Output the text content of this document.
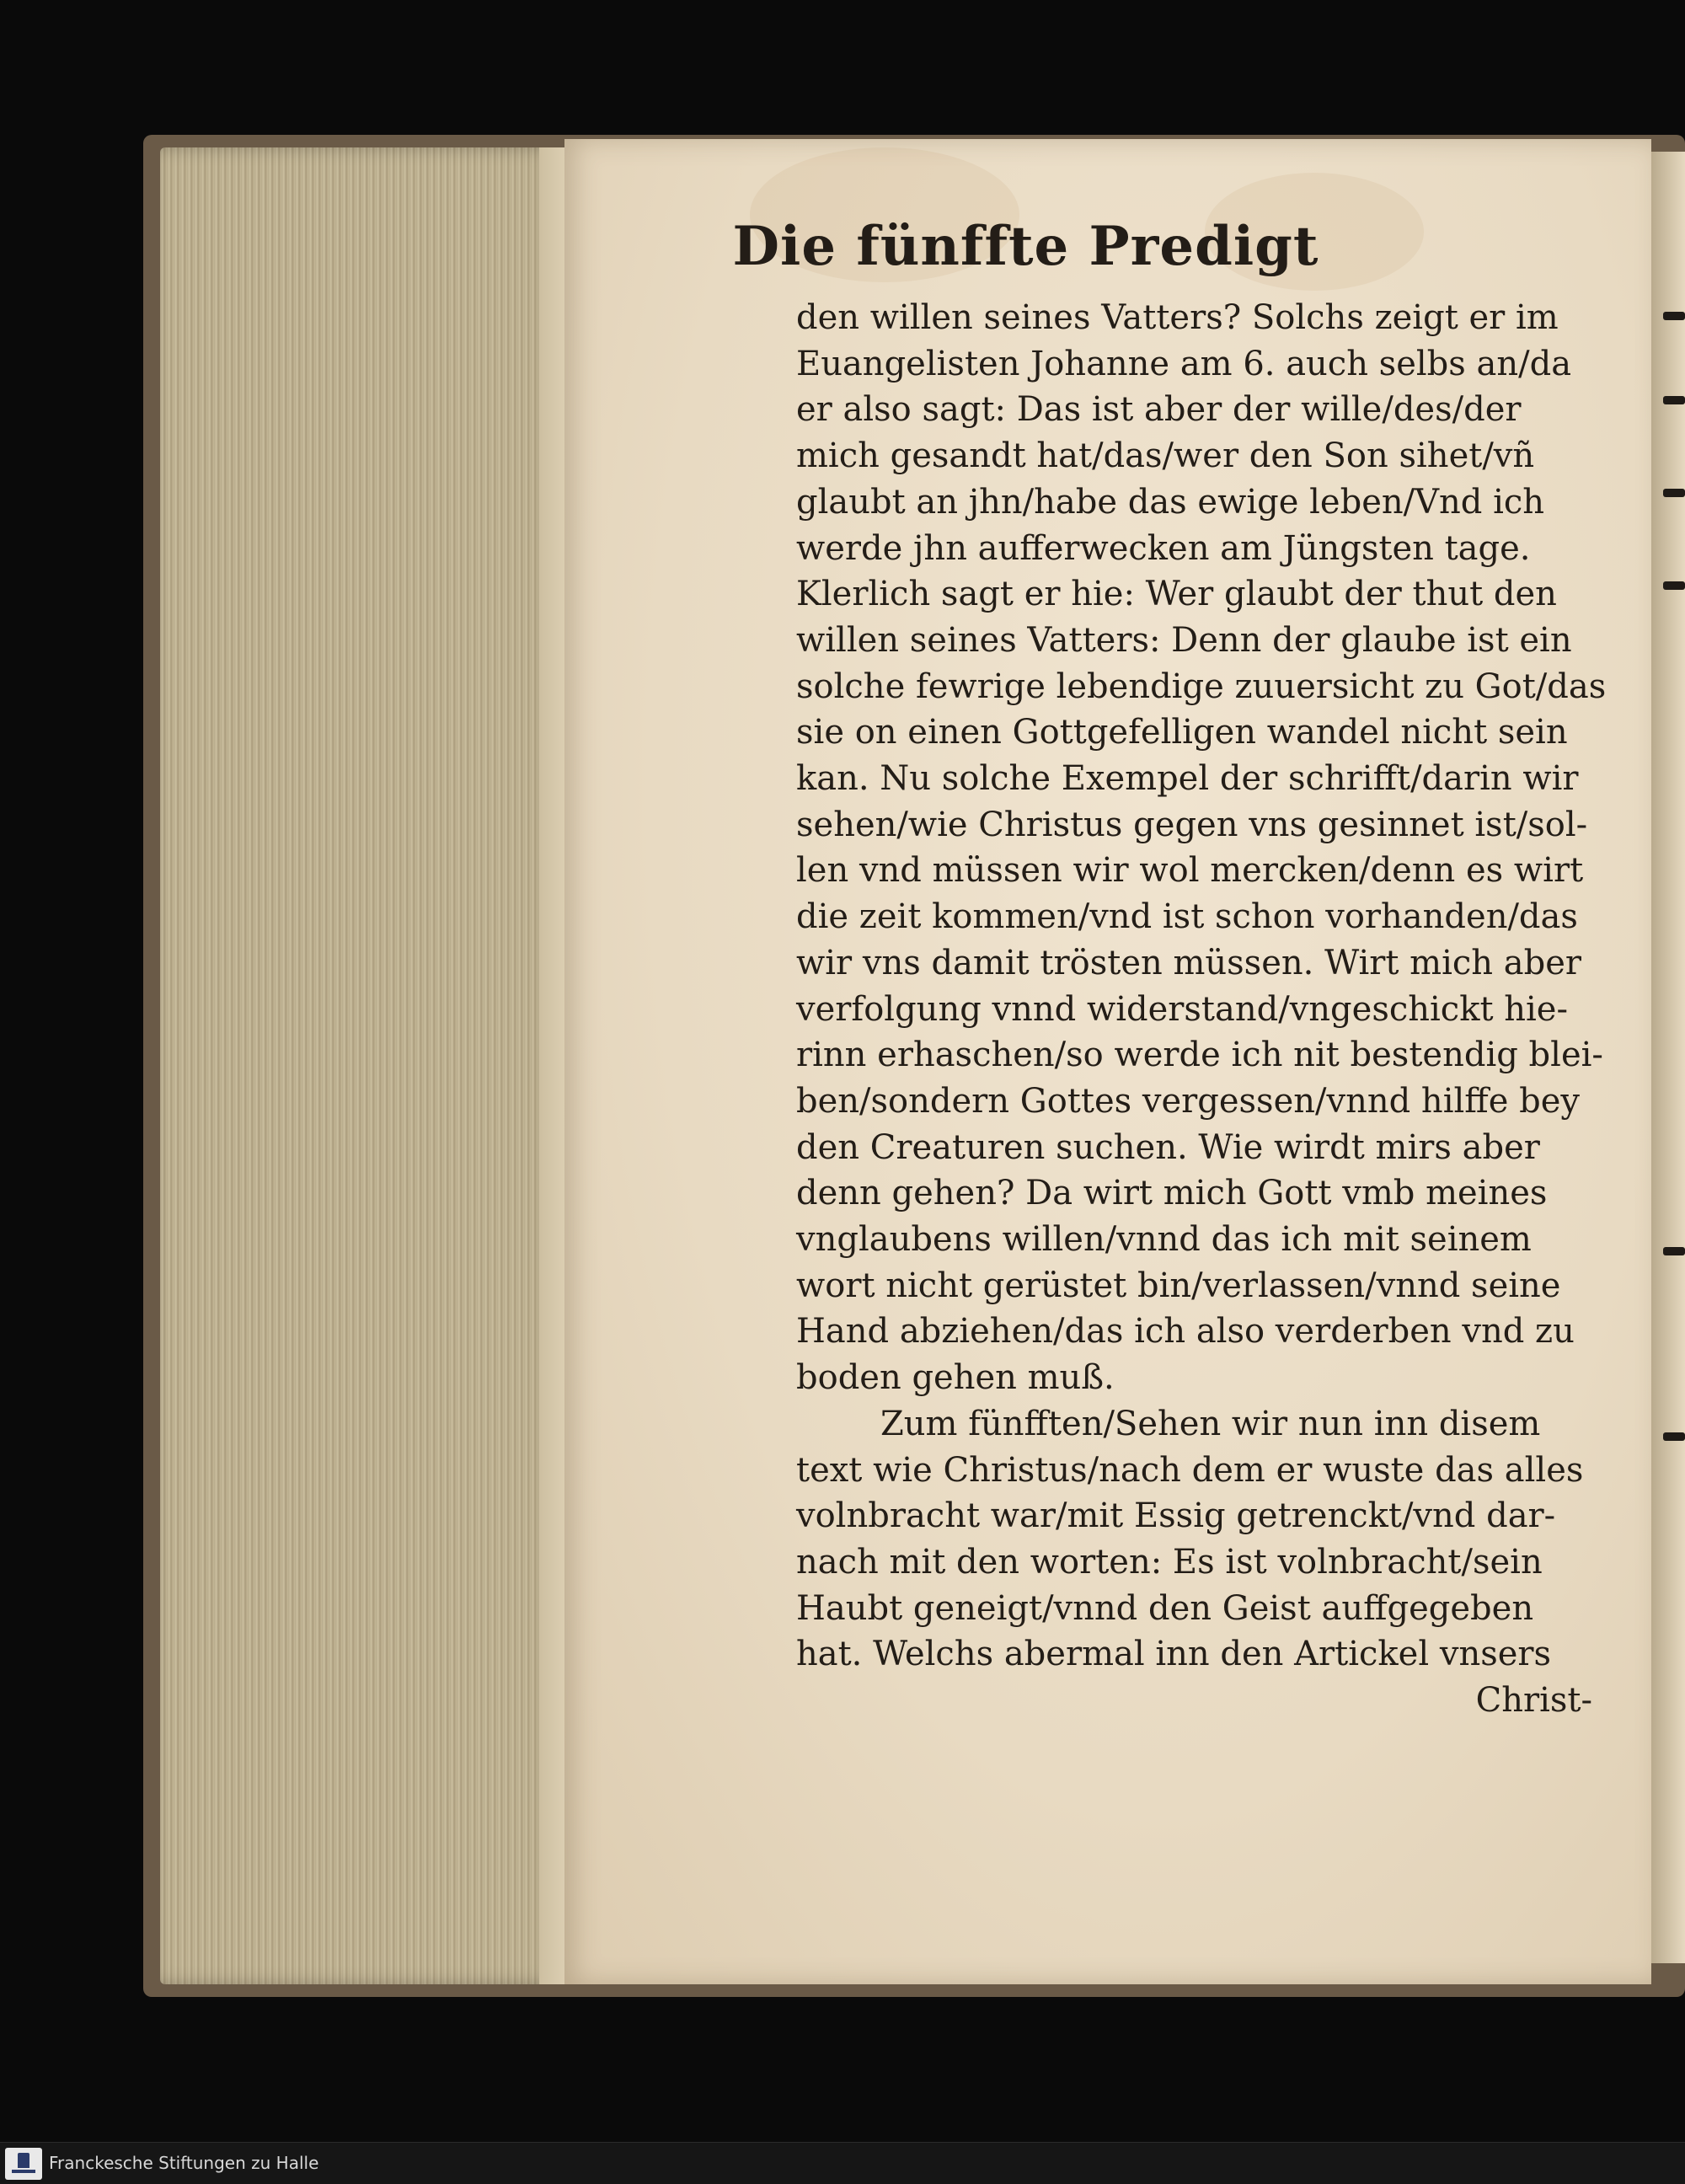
Die fünffte Predigt
den willen seines Vatters? Solchs zeigt er im
Euangelisten Johanne am 6. auch selbs an/da
er also sagt: Das ist aber der wille/des/der
mich gesandt hat/das/wer den Son sihet/vñ
glaubt an jhn/habe das ewige leben/Vnd ich
werde jhn aufferwecken am Jüngsten tage.
Klerlich sagt er hie: Wer glaubt der thut den
willen seines Vatters: Denn der glaube ist ein
solche fewrige lebendige zuuersicht zu Got/das
sie on einen Gottgefelligen wandel nicht sein
kan. Nu solche Exempel der schrifft/darin wir
sehen/wie Christus gegen vns gesinnet ist/sol-
len vnd müssen wir wol mercken/denn es wirt
die zeit kommen/vnd ist schon vorhanden/das
wir vns damit trösten müssen. Wirt mich aber
verfolgung vnnd widerstand/vngeschickt hie-
rinn erhaschen/so werde ich nit bestendig blei-
ben/sondern Gottes vergessen/vnnd hilffe bey
den Creaturen suchen. Wie wirdt mirs aber
denn gehen? Da wirt mich Gott vmb meines
vnglaubens willen/vnnd das ich mit seinem
wort nicht gerüstet bin/verlassen/vnnd seine
Hand abziehen/das ich also verderben vnd zu
boden gehen muß.
Zum fünfften/Sehen wir nun inn disem
text wie Christus/nach dem er wuste das alles
volnbracht war/mit Essig getrenckt/vnd dar-
nach mit den worten: Es ist volnbracht/sein
Haubt geneigt/vnnd den Geist auffgegeben
hat. Welchs abermal inn den Artickel vnsers
Christ-
Franckesche Stiftungen zu Halle
